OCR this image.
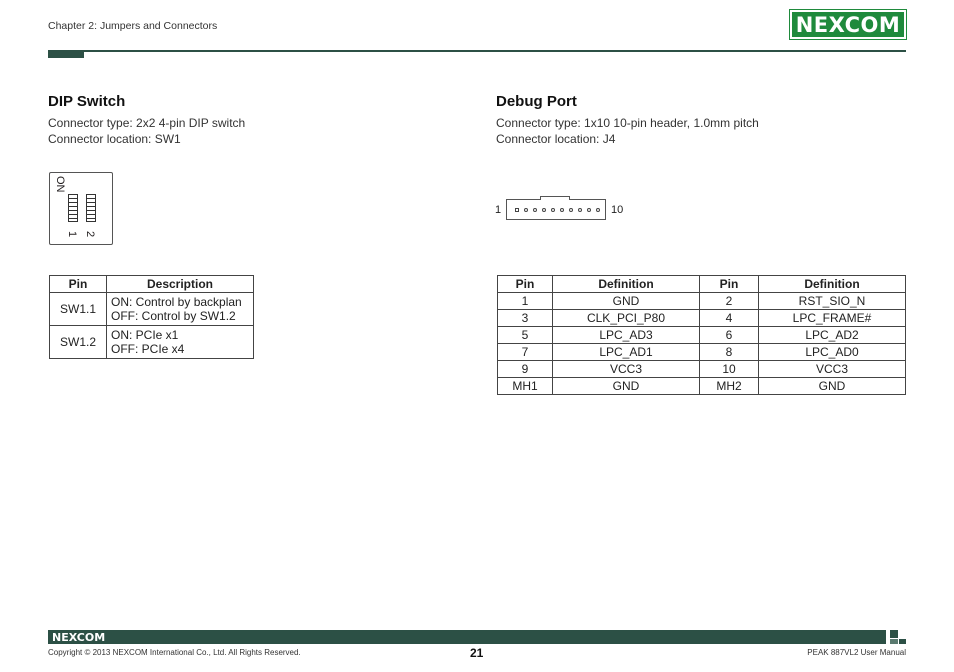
Chapter 2: Jumpers and Connectors	NEXCOM
DIP Switch
Connector type: 2x2 4-pin DIP switch
Connector location: SW1
ON
1 2
Pin	Description
SW1.1	ON: Control by backplan
OFF: Control by SW1.2

SW1.2	ON: PCIe x1
OFF: PCIe x4
Debug Port
Connector type: 1x10 10-pin header, 1.0mm pitch
Connector location: J4
1	10
Pin	Definition	Pin	Definition
1	GND	2	RST_SIO_N
3	CLK_PCI_P80	4	LPC_FRAME#
5	LPC_AD3	6	LPC_AD2
7	LPC_AD1	8	LPC_AD0
9	VCC3	10	VCC3
MH1	GND	MH2	GND
NEXCOM
Copyright © 2013 NEXCOM International Co., Ltd. All Rights Reserved.	21	PEAK 887VL2 User Manual
